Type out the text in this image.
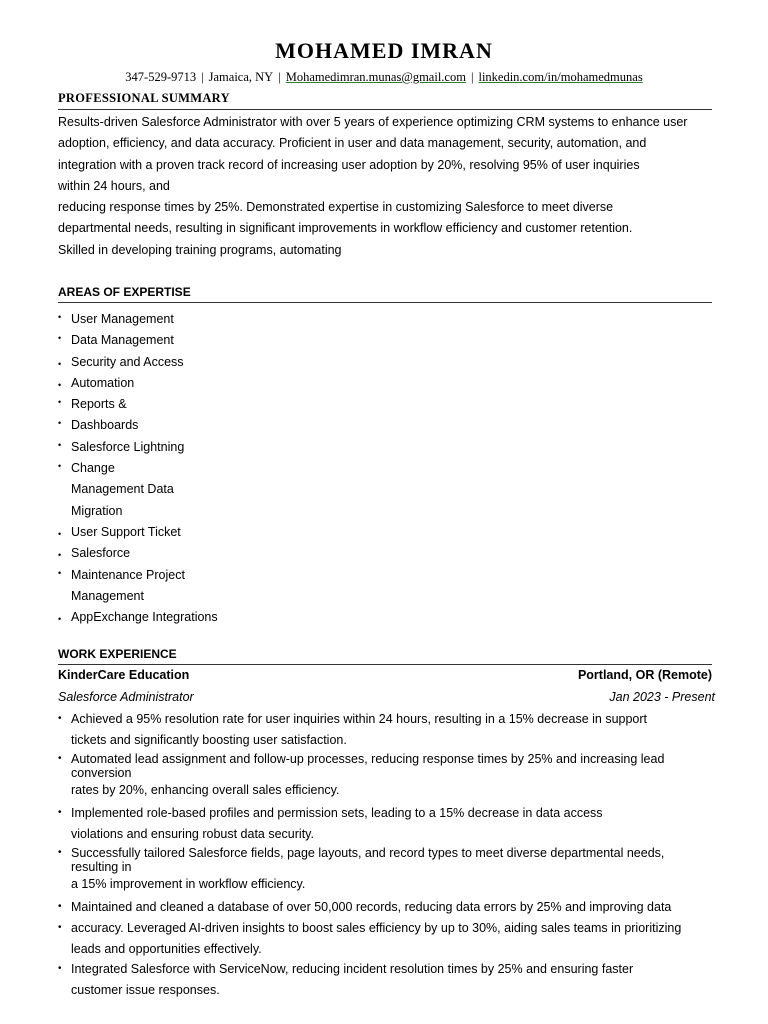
MOHAMED IMRAN
347-529-9713 | Jamaica, NY | Mohamedimran.munas@gmail.com | linkedin.com/in/mohamedmunas
PROFESSIONAL SUMMARY

Results-driven Salesforce Administrator with over 5 years of experience optimizing CRM systems to enhance user

adoption, efficiency, and data accuracy. Proficient in user and data management, security, automation, and

integration with a proven track record of increasing user adoption by 20%, resolving 95% of user inquiries

within 24 hours, and

reducing response times by 25%. Demonstrated expertise in customizing Salesforce to meet diverse

departmental needs, resulting in significant improvements in workflow efficiency and customer retention.

Skilled in developing training programs, automating

AREAS OF EXPERTISE
• User Management
• Data Management
• Security and Access
• Automation
• Reports &
• Dashboards
• Salesforce Lightning
• Change
Management Data
Migration
• User Support Ticket
• Salesforce
• Maintenance Project
Management
• AppExchange Integrations
WORK EXPERIENCE
KinderCare Education	Portland, OR (Remote)
Salesforce Administrator	Jan 2023 - Present
• Achieved a 95% resolution rate for user inquiries within 24 hours, resulting in a 15% decrease in support
tickets and significantly boosting user satisfaction.
• Automated lead assignment and follow-up processes, reducing response times by 25% and increasing lead
conversion
rates by 20%, enhancing overall sales efficiency.
• Implemented role-based profiles and permission sets, leading to a 15% decrease in data access
violations and ensuring robust data security.
• Successfully tailored Salesforce fields, page layouts, and record types to meet diverse departmental needs,
resulting in
a 15% improvement in workflow efficiency.
• Maintained and cleaned a database of over 50,000 records, reducing data errors by 25% and improving data
• accuracy. Leveraged AI-driven insights to boost sales efficiency by up to 30%, aiding sales teams in prioritizing
leads and opportunities effectively.
• Integrated Salesforce with ServiceNow, reducing incident resolution times by 25% and ensuring faster
customer issue responses.
